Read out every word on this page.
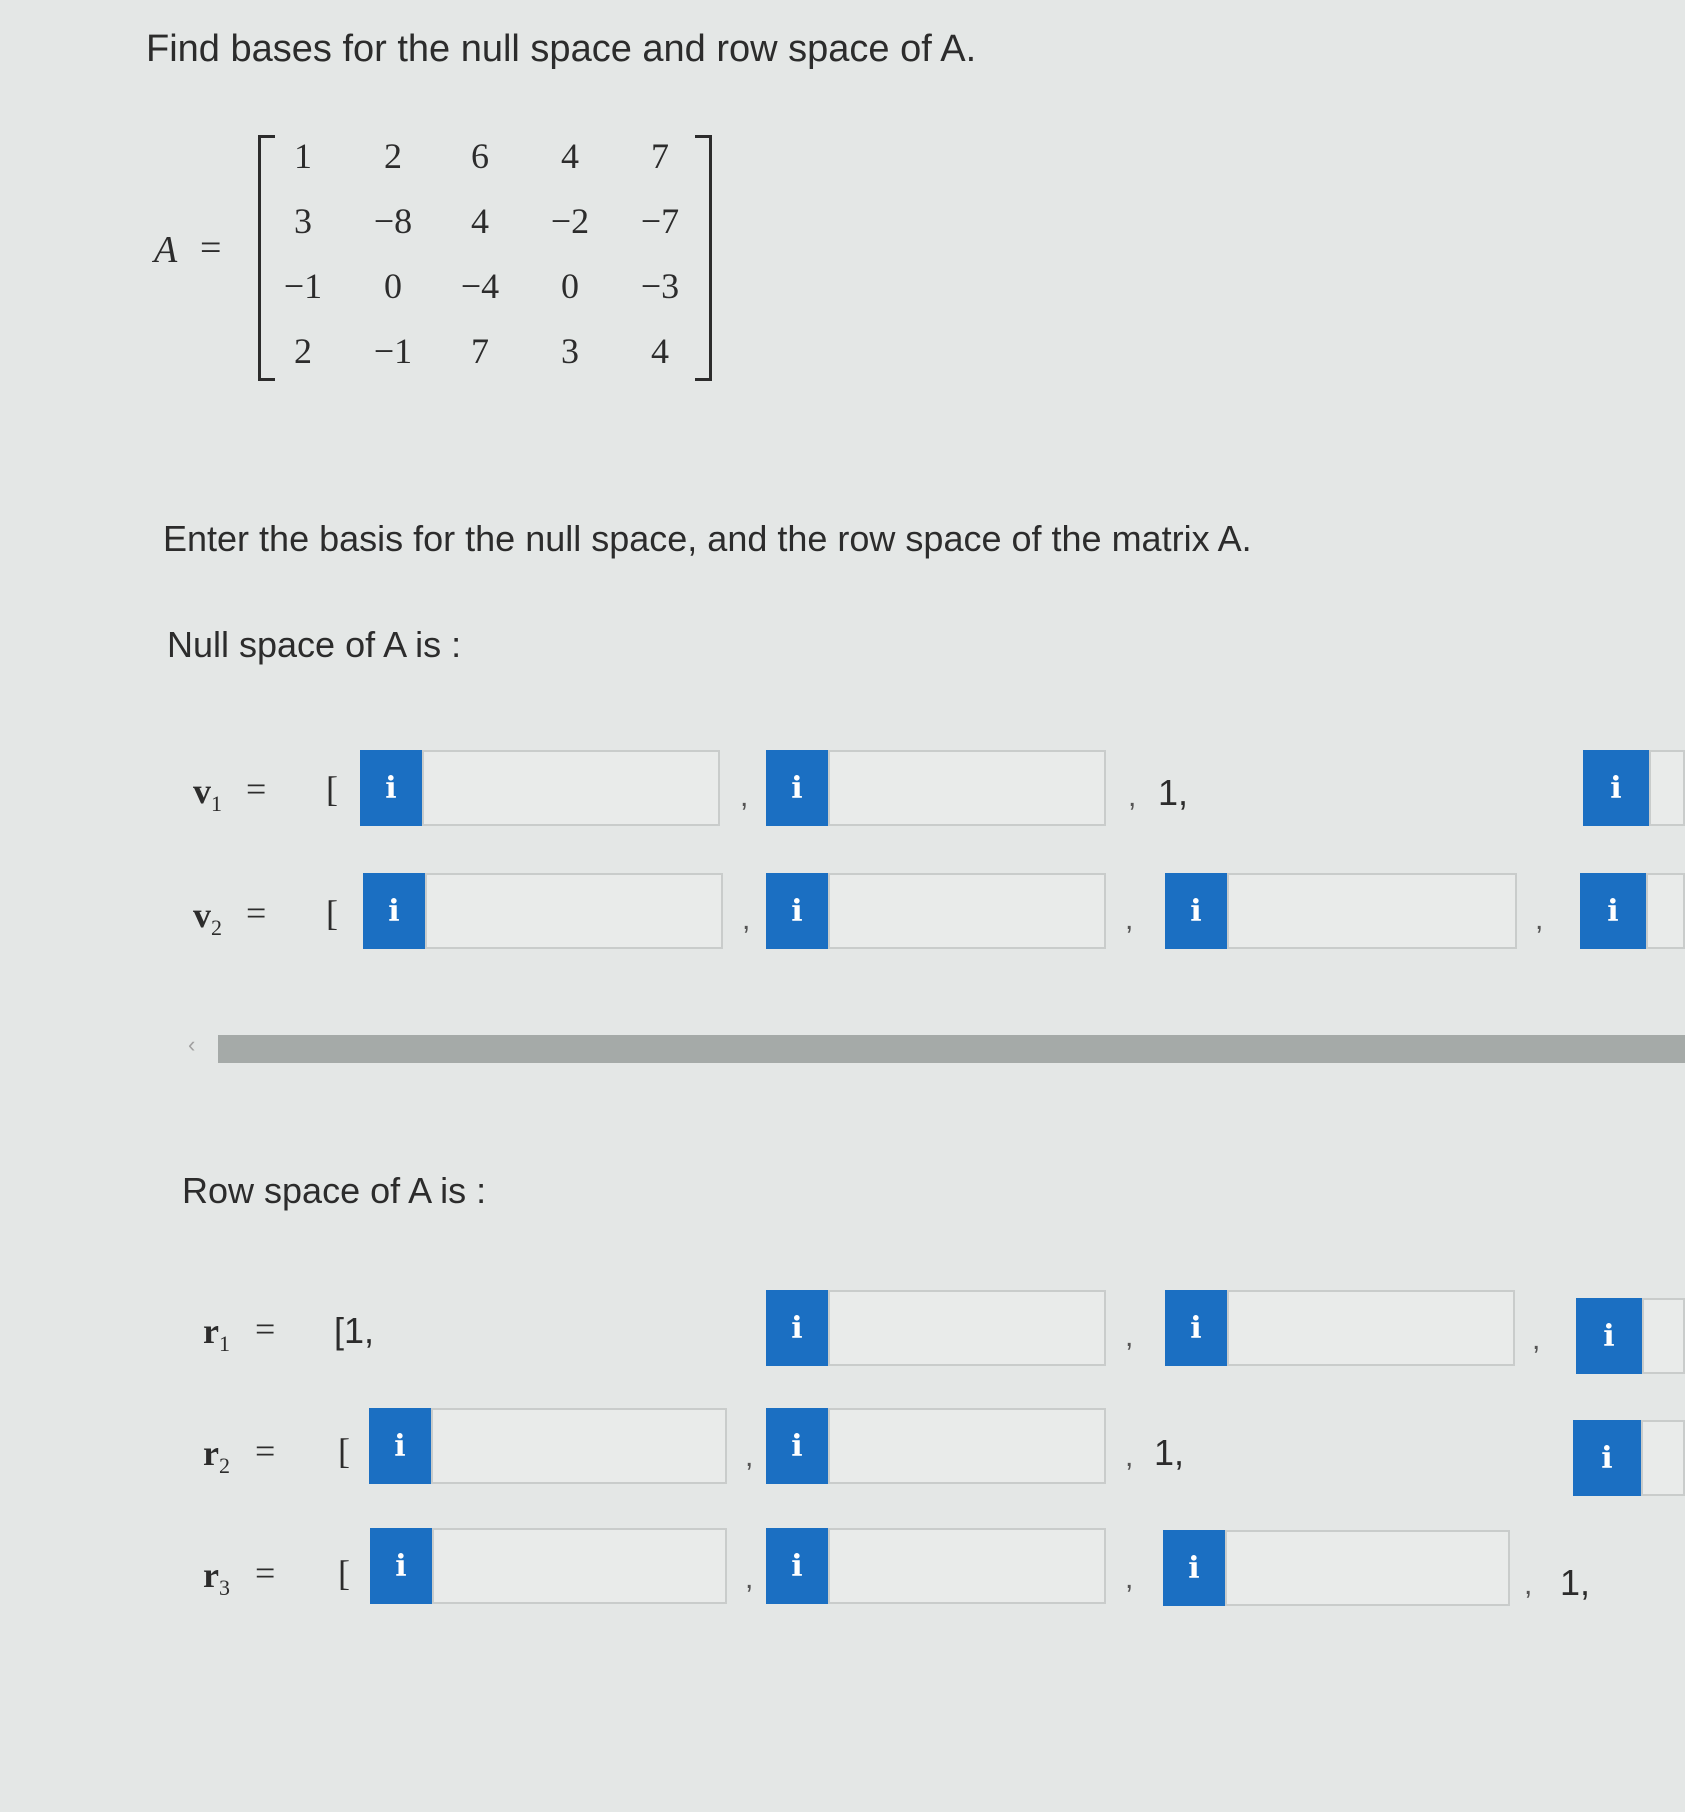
Find bases for the null space and row space of A.
A =
1	2	6	4	7
3	−8	4	−2	−7
−1	0	−4	0	−3
2	−1	7	3	4
Enter the basis for the null space, and the row space of the matrix A.
Null space of A is :
$v_1$ = [	i	,	i	, 1,	i
$v_2$ = [	i	,	i	,	i	,	i
‹
Row space of A is :
$r_1 = [1$,	i	,	i	,	i
$r_2$ = [	i	,	i	, 1,	i
$r_3$ = [	i	,	i	,	i	, 1,
